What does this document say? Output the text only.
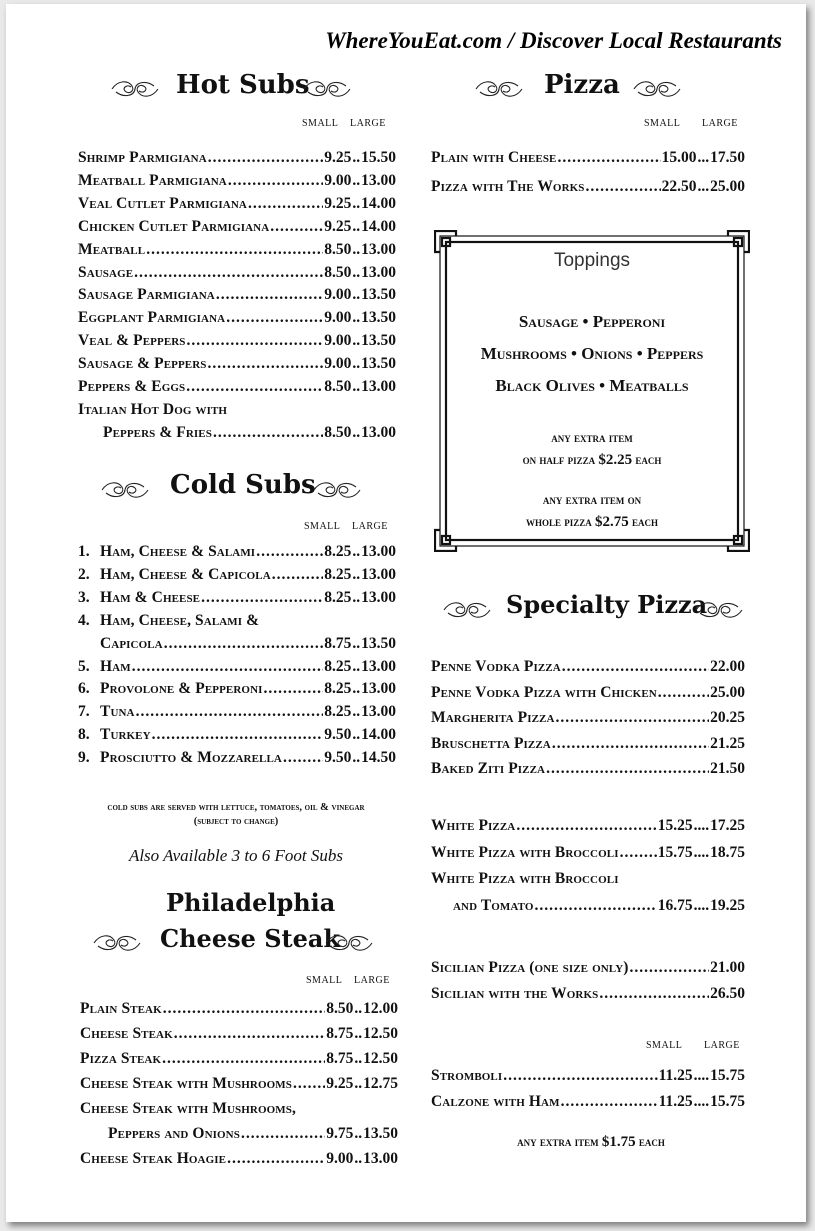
WhereYouEat.com / Discover Local Restaurants
Hot Subs
SMALL LARGE
Cold Subs
SMALL LARGE
cold subs are served with lettuce, tomatoes, oil & vinegar
(subject to change)
Also Available 3 to 6 Foot Subs
Philadelphia
Cheese Steak
SMALL LARGE
Pizza
SMALL LARGE
Toppings
Sausage • Pepperoni
Mushrooms • Onions • Peppers
Black Olives • Meatballs
any extra item
on half pizza $2.25 each
any extra item on
whole pizza $2.75 each
Specialty Pizza
SMALL LARGE
any extra item $1.75 each
Shrimp Parmigiana .....	9.25 .. 15.50
Meatball Parmigiana .....	9.00 .. 13.00
Veal Cutlet Parmigiana .....	9.25 .. 14.00
Chicken Cutlet Parmigiana .....	9.25 .. 14.00
Meatball .....	8.50 .. 13.00
Sausage .....	8.50 .. 13.00
Sausage Parmigiana .....	9.00 .. 13.50
Eggplant Parmigiana .....	9.00 .. 13.50
Veal & Peppers .....	9.00 .. 13.50
Sausage & Peppers .....	9.00 .. 13.50
Peppers & Eggs .....	8.50 .. 13.00
Italian Hot Dog with
Peppers & Fries .....	8.50 .. 13.00
1. Ham, Cheese & Salami .....	8.25 .. 13.00
2. Ham, Cheese & Capicola .....	8.25 .. 13.00
3. Ham & Cheese .....	8.25 .. 13.00
4. Ham, Cheese, Salami &
Capicola .....	8.75 .. 13.50
5. Ham .....	8.25 .. 13.00
6. Provolone & Pepperoni .....	8.25 .. 13.00
7. Tuna .....	8.25 .. 13.00
8. Turkey .....	9.50 .. 14.00
9. Prosciutto & Mozzarella .....	9.50 .. 14.50
Plain Steak .....	8.50 .. 12.00
Cheese Steak .....	8.75 .. 12.50
Pizza Steak .....	8.75 .. 12.50
Cheese Steak with Mushrooms ..... 9.25 .. 12.75
Cheese Steak with Mushrooms,
Peppers and Onions .....	9.75 .. 13.50
Cheese Steak Hoagie .....	9.00 .. 13.00
Plain with Cheese .....	15.00 ... 17.50
Pizza with The Works .....	22.50 ... 25.00
Penne Vodka Pizza .....	22.00
Penne Vodka Pizza with Chicken .....	25.00
Margherita Pizza .....	20.25
Bruschetta Pizza .....	21.25
Baked Ziti Pizza .....	21.50
White Pizza .....	15.25 .... 17.25
White Pizza with Broccoli .....	15.75 .... 18.75
White Pizza with Broccoli
and Tomato .....	16.75 .... 19.25
Sicilian Pizza (one size only) .....	21.00
Sicilian with the Works .....	26.50
Stromboli .....	11.25 .... 15.75
Calzone with Ham .....	11.25 .... 15.75
